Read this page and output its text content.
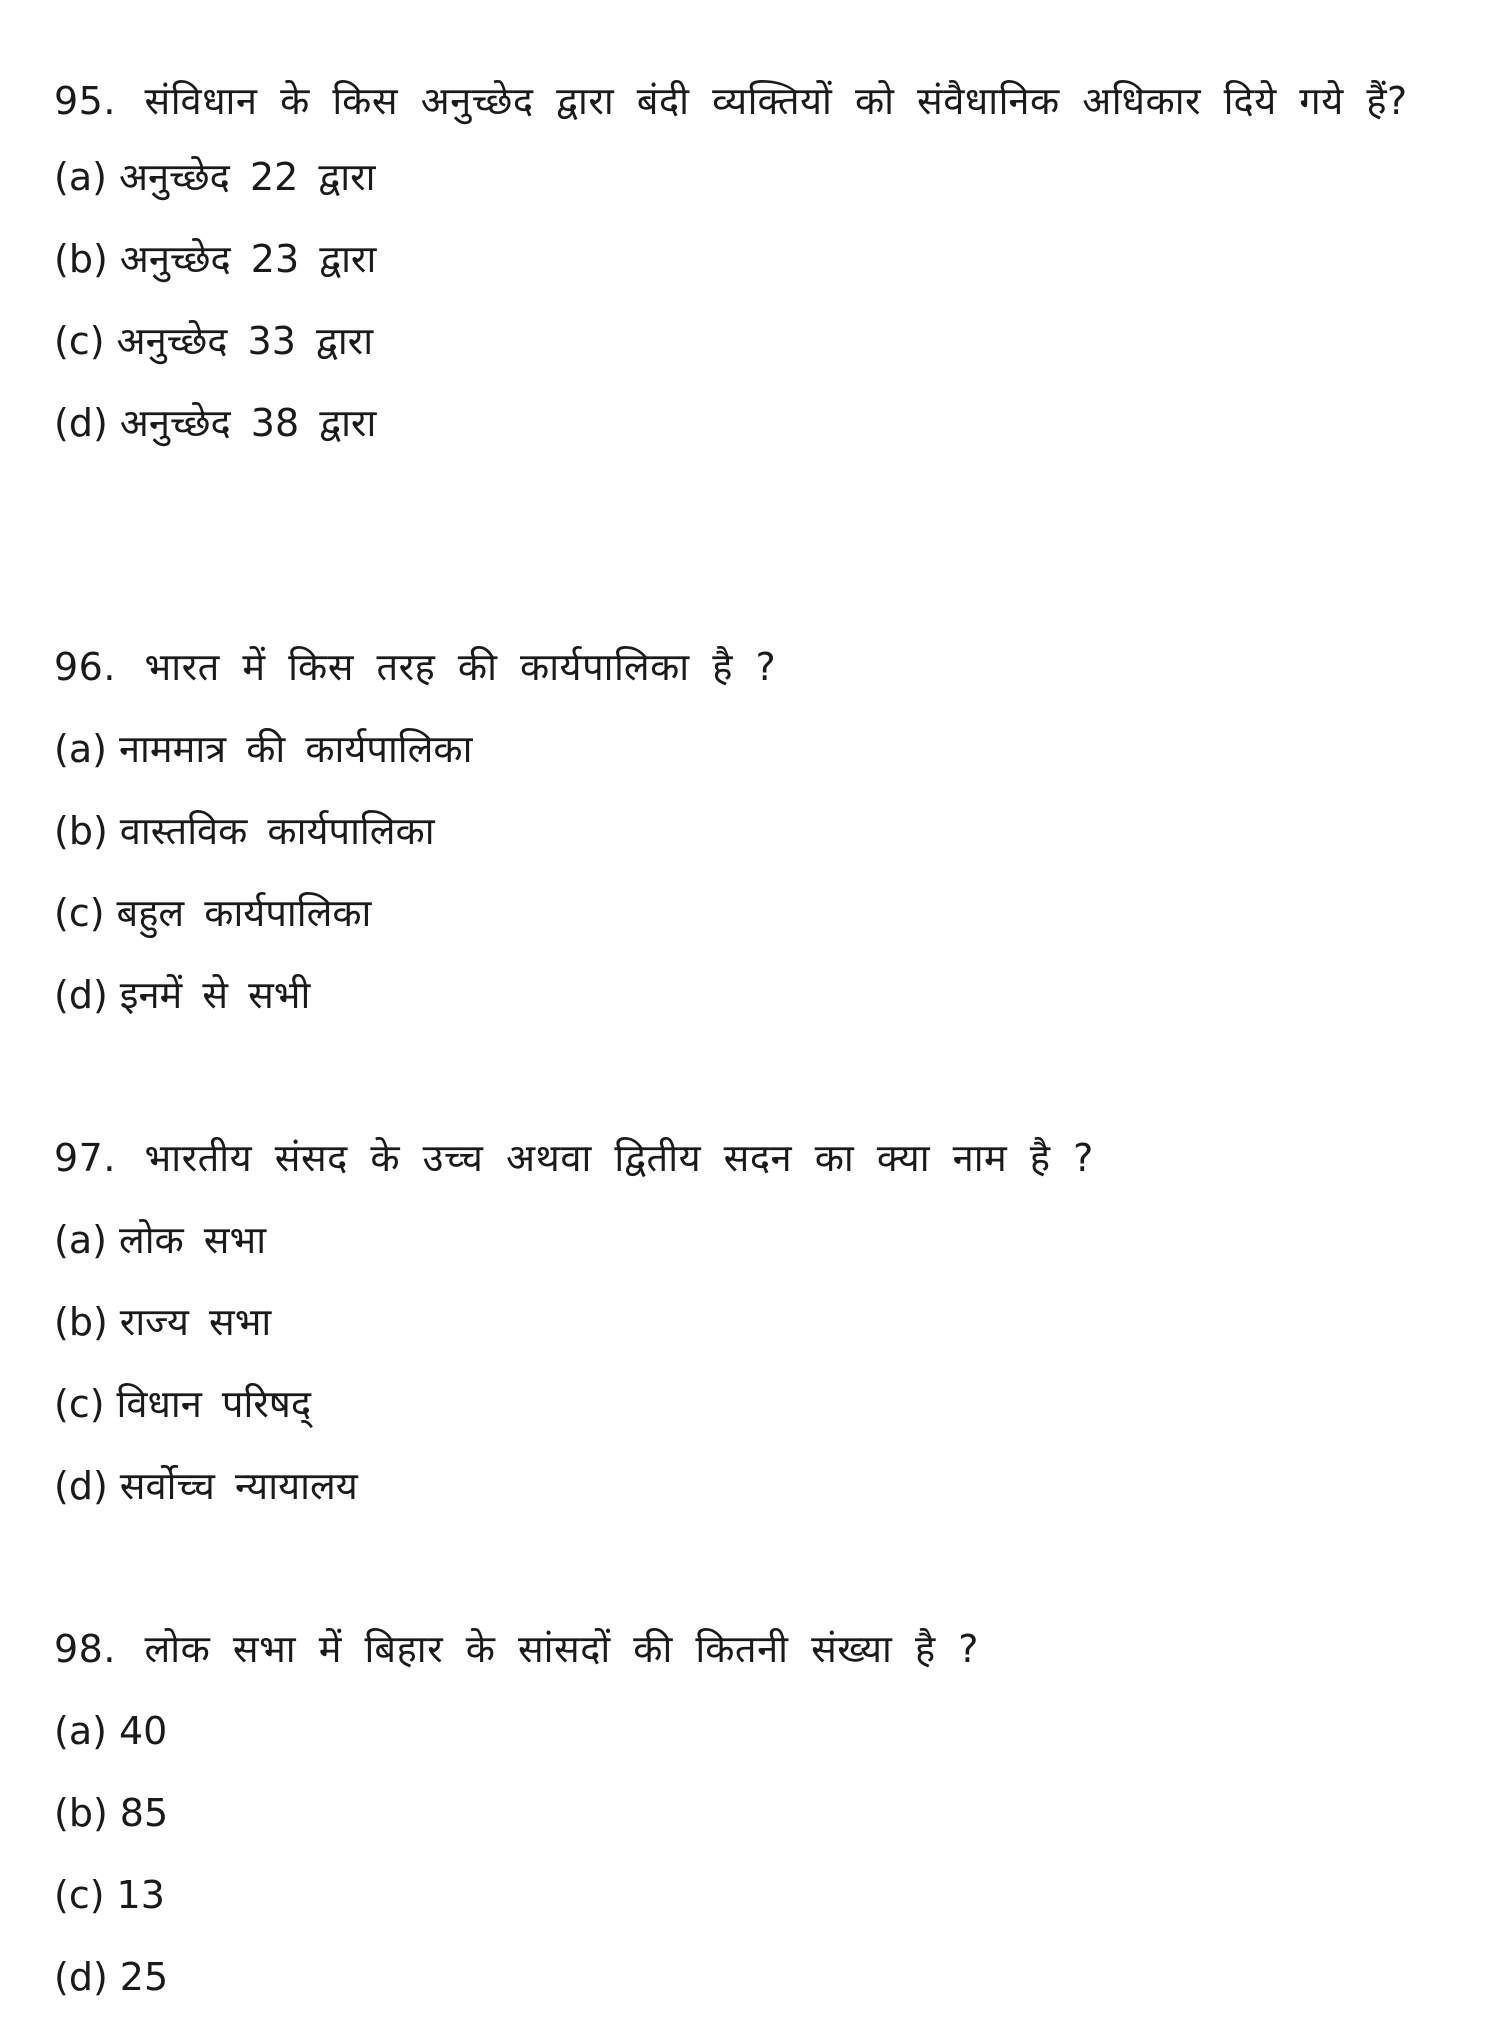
95. संविधान के किस अनुच्छेद द्वारा बंदी व्यक्तियों को संवैधानिक अधिकार दिये गये हैं?

(a) अनुच्छेद 22 द्वारा
(b) अनुच्छेद 23 द्वारा
(c) अनुच्छेद 33 द्वारा
(d) अनुच्छेद 38 द्वारा

96. भारत में किस तरह की कार्यपालिका है ?

(a) नाममात्र की कार्यपालिका
(b) वास्तविक कार्यपालिका
(c) बहुल कार्यपालिका
(d) इनमें से सभी

97. भारतीय संसद के उच्च अथवा द्वितीय सदन का क्या नाम है ?

(a) लोक सभा
(b) राज्य सभा
(c) विधान परिषद्
(d) सर्वोच्च न्यायालय

98. लोक सभा में बिहार के सांसदों की कितनी संख्या है ?

(a) 40
(b) 85
(c) 13
(d) 25
